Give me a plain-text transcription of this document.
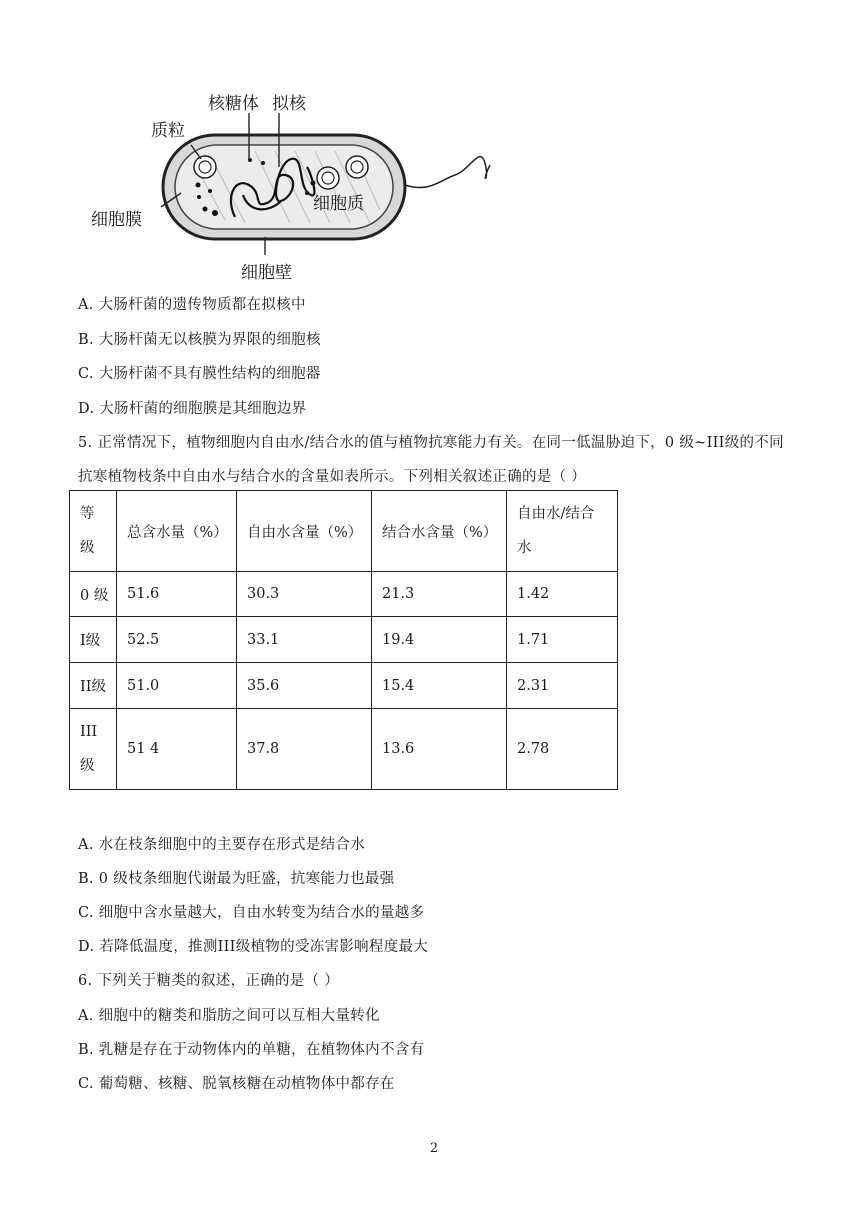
核糖体 拟核
质粒
细胞质
细胞膜
细胞壁
A. 大肠杆菌的遗传物质都在拟核中
B. 大肠杆菌无以核膜为界限的细胞核
C. 大肠杆菌不具有膜性结构的细胞器
D. 大肠杆菌的细胞膜是其细胞边界
5. 正常情况下，植物细胞内自由水/结合水的值与植物抗寒能力有关。在同一低温胁迫下，0 级~III级的不同
抗寒植物枝条中自由水与结合水的含量如表所示。下列相关叙述正确的是（ ）
等
级	总含水量（%）	自由水含量（%）	结合水含量（%）	自由水/结合
水

0 级	51.6	30.3	21.3	1.42
I级	52.5	33.1	19.4	1.71
II级	51.0	35.6	15.4	2.31

III
级	51 4	37.8	13.6	2.78
A. 水在枝条细胞中的主要存在形式是结合水
B. 0 级枝条细胞代谢最为旺盛，抗寒能力也最强
C. 细胞中含水量越大，自由水转变为结合水的量越多
D. 若降低温度，推测III级植物的受冻害影响程度最大
6. 下列关于糖类的叙述，正确的是（ ）
A. 细胞中的糖类和脂肪之间可以互相大量转化
B. 乳糖是存在于动物体内的单糖，在植物体内不含有
C. 葡萄糖、核糖、脱氧核糖在动植物体中都存在
2
